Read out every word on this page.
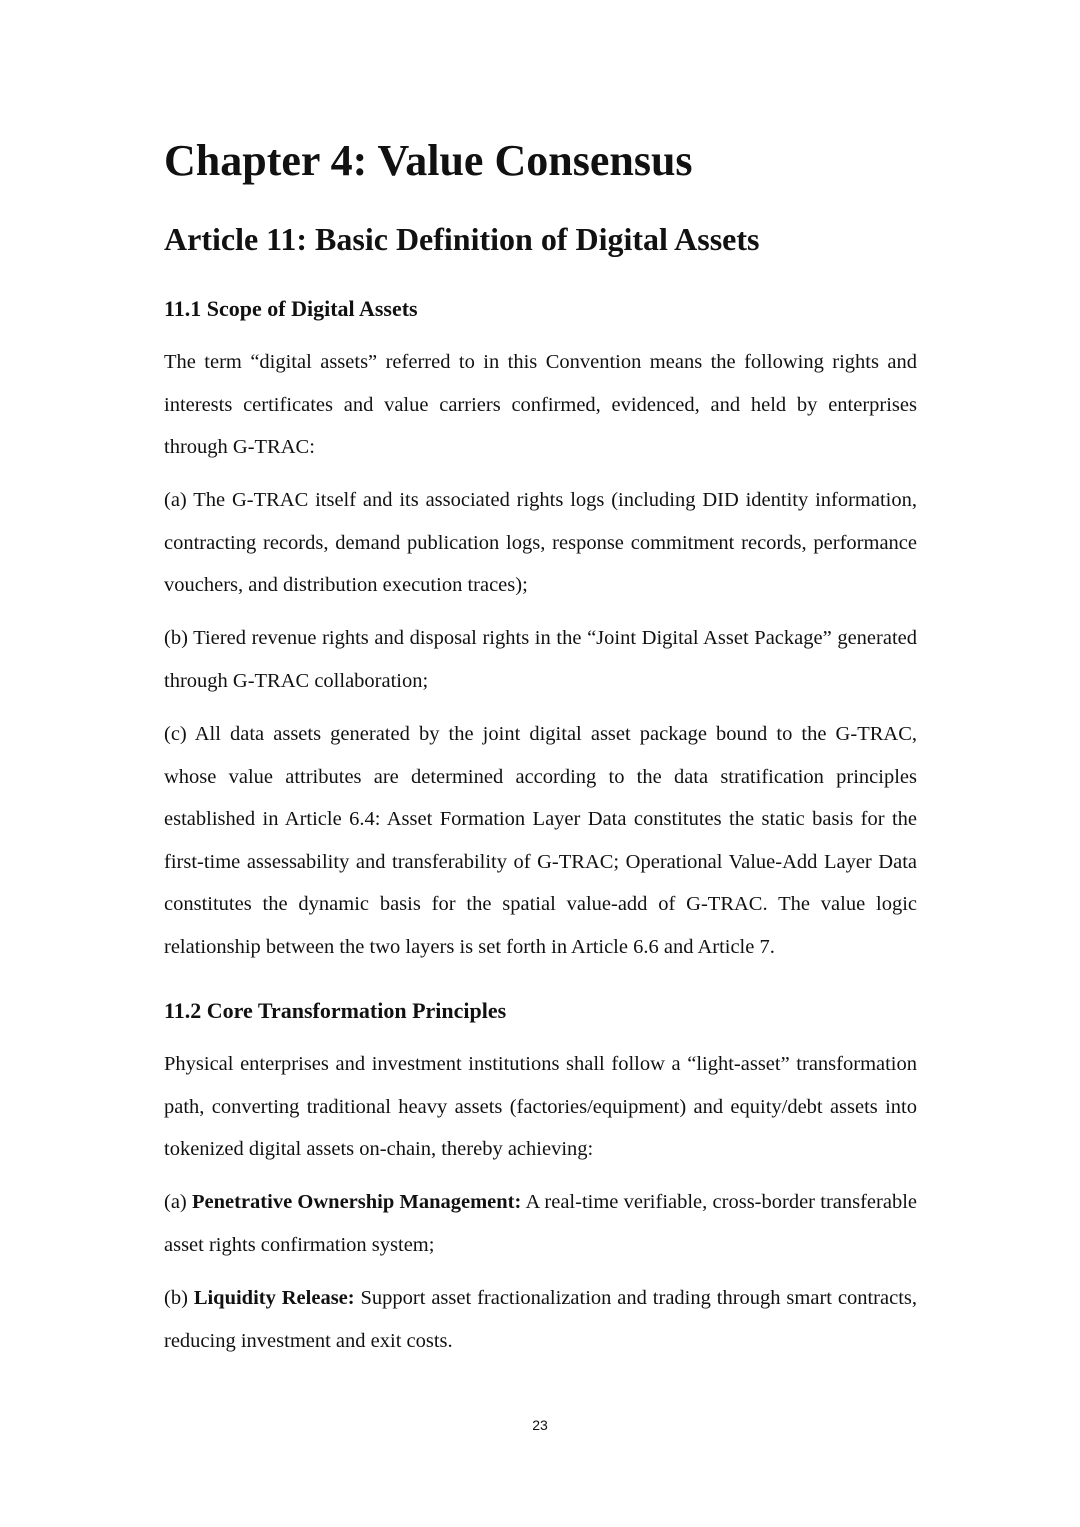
Chapter 4: Value Consensus
Article 11: Basic Definition of Digital Assets
11.1 Scope of Digital Assets

The term “digital assets” referred to in this Convention means the following rights and interests certificates and value carriers confirmed, evidenced, and held by enterprises through G-TRAC:

(a) The G-TRAC itself and its associated rights logs (including DID identity information, contracting records, demand publication logs, response commitment records, performance vouchers, and distribution execution traces);

(b) Tiered revenue rights and disposal rights in the “Joint Digital Asset Package” generated through G-TRAC collaboration;

(c) All data assets generated by the joint digital asset package bound to the G-TRAC, whose value attributes are determined according to the data stratification principles established in Article 6.4: Asset Formation Layer Data constitutes the static basis for the first-time assessability and transferability of G-TRAC; Operational Value-Add Layer Data constitutes the dynamic basis for the spatial value-add of G-TRAC. The value logic relationship between the two layers is set forth in Article 6.6 and Article 7.

11.2 Core Transformation Principles

Physical enterprises and investment institutions shall follow a “light-asset” transformation path, converting traditional heavy assets (factories/equipment) and equity/debt assets into tokenized digital assets on-chain, thereby achieving:

(a) Penetrative Ownership Management: A real-time verifiable, cross-border transferable asset rights confirmation system;

(b) Liquidity Release: Support asset fractionalization and trading through smart contracts, reducing investment and exit costs.

23
